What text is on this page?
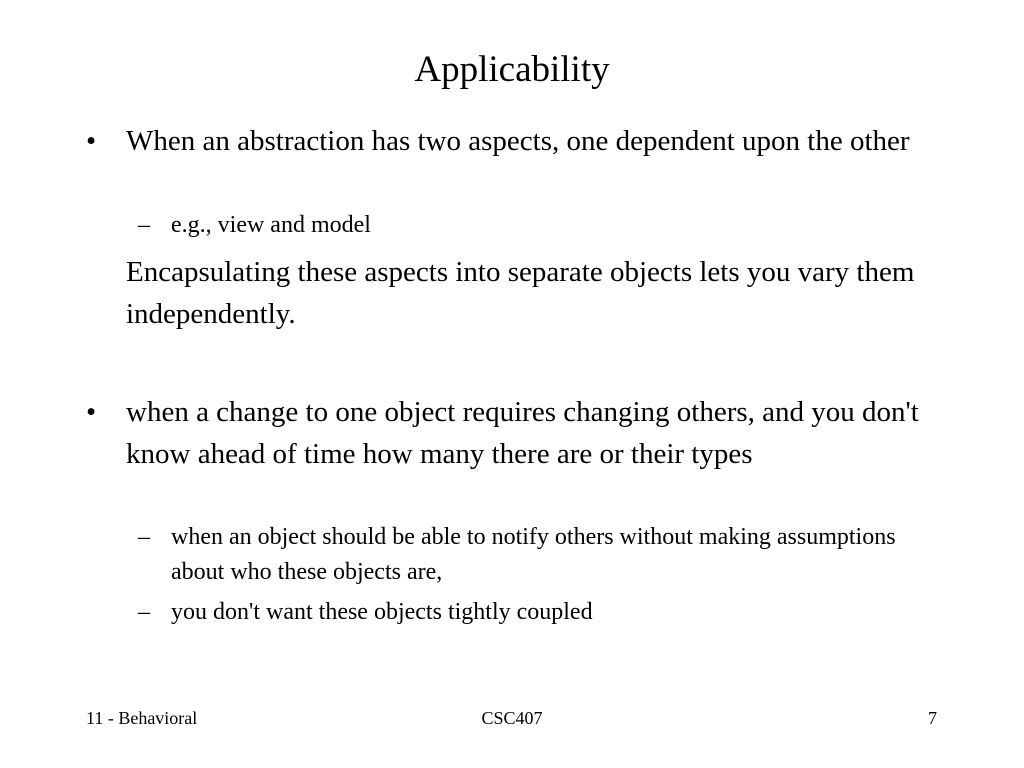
Applicability
• When an abstraction has two aspects, one dependent upon the other
– e.g., view and model
Encapsulating these aspects into separate objects lets you vary them independently.
• when a change to one object requires changing others, and you don't know ahead of time how many there are or their types
– when an object should be able to notify others without making assumptions about who these objects are,
– you don't want these objects tightly coupled
11 - Behavioral	CSC407	7
